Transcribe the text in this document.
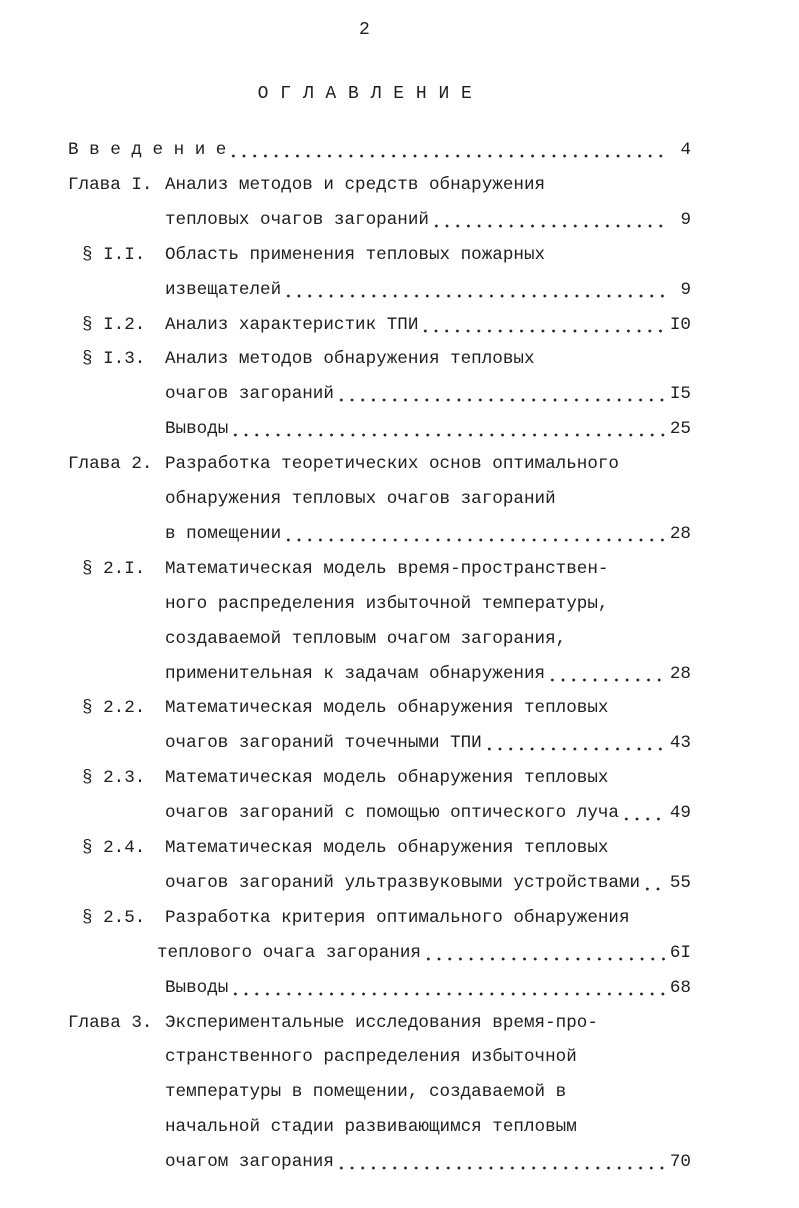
2
О Г Л А В Л Е Н И Е
В в е д е н и е	4
Глава I. Анализ методов и средств обнаружения
тепловых очагов загораний	9
§ I.I. Область применения тепловых пожарных
извещателей	9
§ I.2. Анализ характеристик ТПИ	I0
§ I.3. Анализ методов обнаружения тепловых
очагов загораний	I5
Выводы	25
Глава 2. Разработка теоретических основ оптимального
обнаружения тепловых очагов загораний
в помещении	28
§ 2.I. Математическая модель время-пространствен-
ного распределения избыточной температуры,
создаваемой тепловым очагом загорания,
применительная к задачам обнаружения	28
§ 2.2. Математическая модель обнаружения тепловых
очагов загораний точечными ТПИ	43
§ 2.3. Математическая модель обнаружения тепловых
очагов загораний с помощью оптического луча	49
§ 2.4. Математическая модель обнаружения тепловых
очагов загораний ультразвуковыми устройствами 55
§ 2.5. Разработка критерия оптимального обнаружения
теплового очага загорания	6I
Выводы	68
Глава 3. Экспериментальные исследования время-про-
странственного распределения избыточной
температуры в помещении, создаваемой в
начальной стадии развивающимся тепловым
очагом загорания	70
